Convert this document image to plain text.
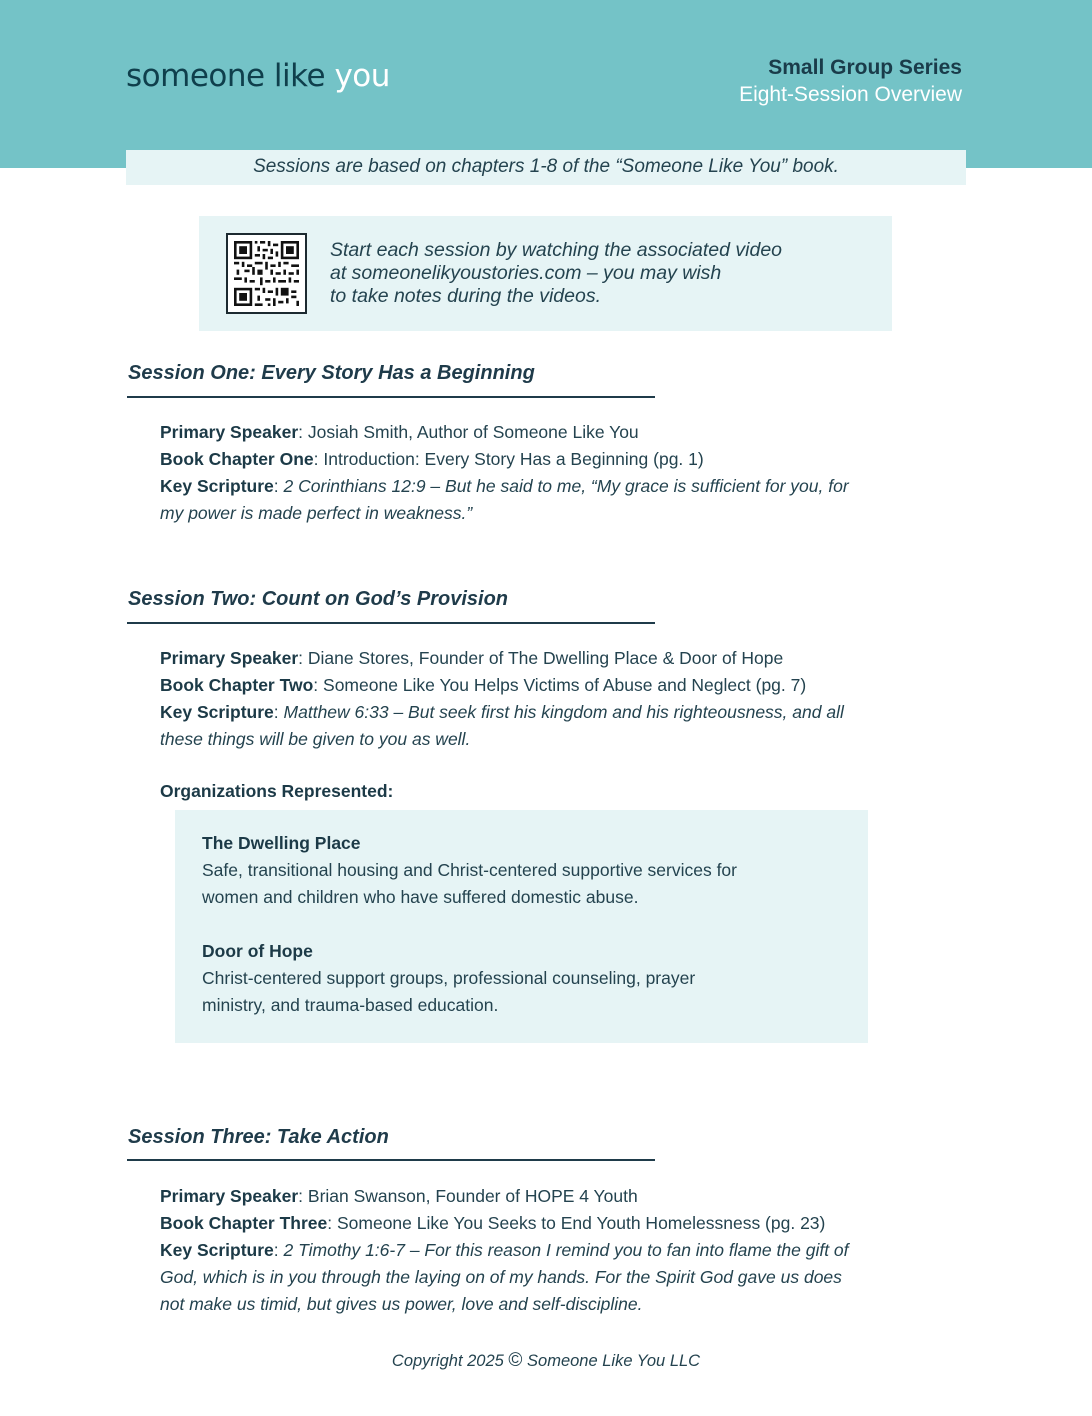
someone like you	Small Group Series
Eight-Session Overview
Sessions are based on chapters 1-8 of the “Someone Like You” book.
Start each session by watching the associated video
at someonelikyoustories.com – you may wish
to take notes during the videos.
Session One: Every Story Has a Beginning
Primary Speaker: Josiah Smith, Author of Someone Like You
Book Chapter One: Introduction: Every Story Has a Beginning (pg. 1)
Key Scripture: 2 Corinthians 12:9 – But he said to me, “My grace is sufficient for you, for
my power is made perfect in weakness.”
Session Two: Count on God’s Provision
Primary Speaker: Diane Stores, Founder of The Dwelling Place & Door of Hope
Book Chapter Two: Someone Like You Helps Victims of Abuse and Neglect (pg. 7)
Key Scripture: Matthew 6:33 – But seek first his kingdom and his righteousness, and all
these things will be given to you as well.
Organizations Represented:
The Dwelling Place
Safe, transitional housing and Christ-centered supportive services for
women and children who have suffered domestic abuse.
Door of Hope
Christ-centered support groups, professional counseling, prayer
ministry, and trauma-based education.
Session Three: Take Action
Primary Speaker: Brian Swanson, Founder of HOPE 4 Youth
Book Chapter Three: Someone Like You Seeks to End Youth Homelessness (pg. 23)
Key Scripture: 2 Timothy 1:6-7 – For this reason I remind you to fan into flame the gift of
God, which is in you through the laying on of my hands. For the Spirit God gave us does
not make us timid, but gives us power, love and self-discipline.
Copyright 2025 © Someone Like You LLC
